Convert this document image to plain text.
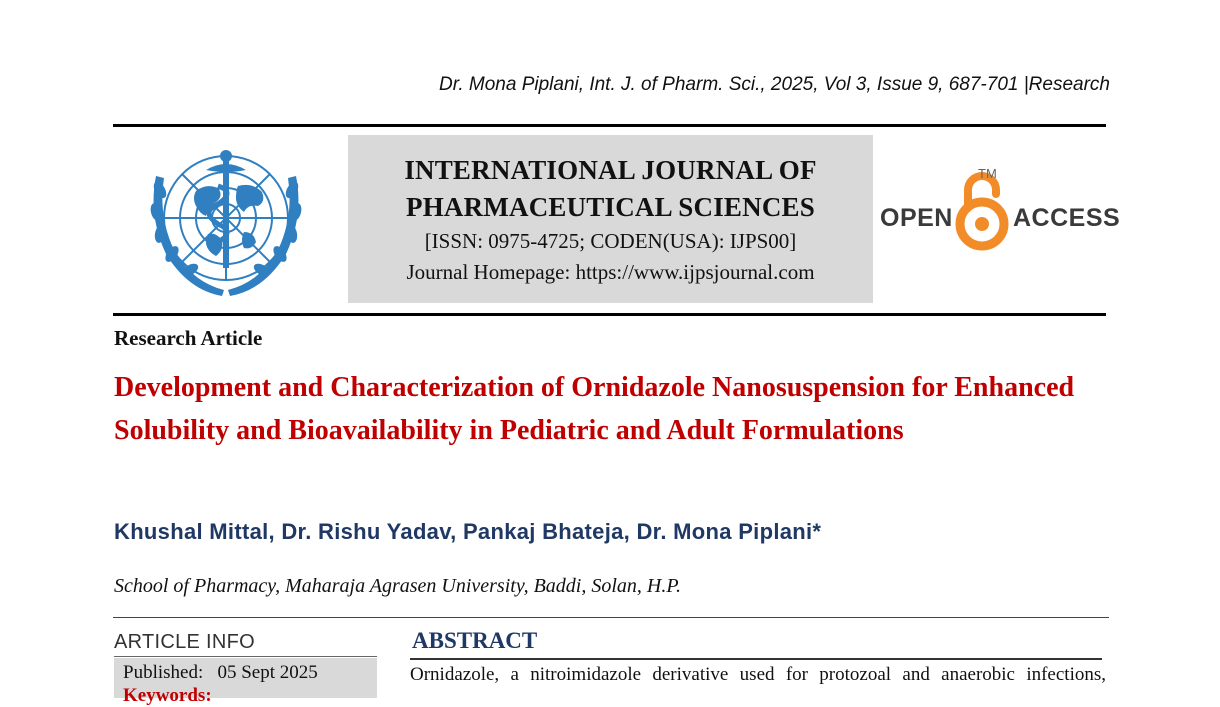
Dr. Mona Piplani, Int. J. of Pharm. Sci., 2025, Vol 3, Issue 9, 687-701 |Research
INTERNATIONAL JOURNAL OF
PHARMACEUTICAL SCIENCES
[ISSN: 0975-4725; CODEN(USA): IJPS00]
Journal Homepage: https://www.ijpsjournal.com
OPEN
TM
ACCESS
Research Article
Development and Characterization of Ornidazole Nanosuspension for Enhanced Solubility and Bioavailability in Pediatric and Adult Formulations
Khushal Mittal, Dr. Rishu Yadav, Pankaj Bhateja, Dr. Mona Piplani*
School of Pharmacy, Maharaja Agrasen University, Baddi, Solan, H.P.
ARTICLE INFO
Published:   05 Sept 2025
Keywords:
ABSTRACT
Ornidazole, a nitroimidazole derivative used for protozoal and anaerobic infections,
